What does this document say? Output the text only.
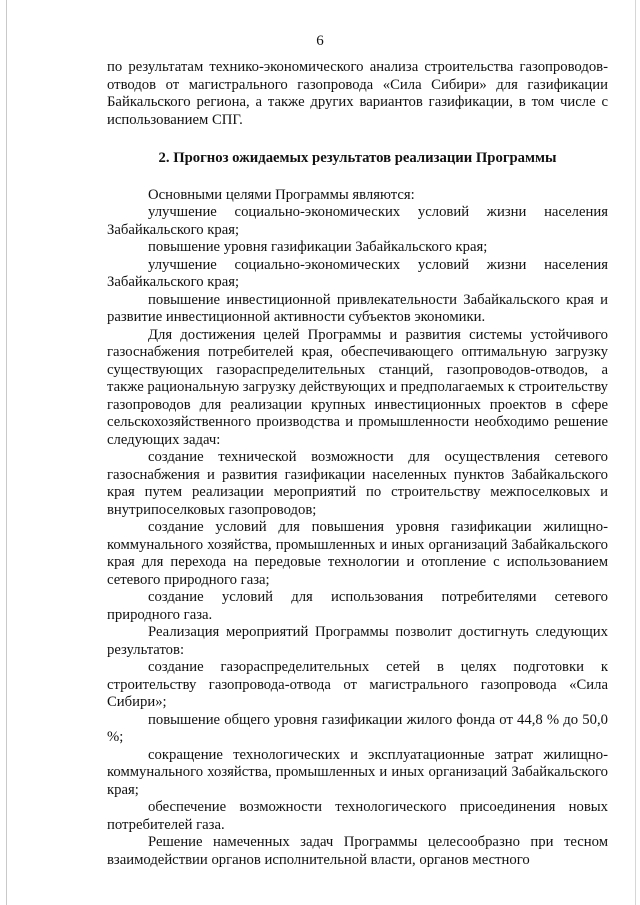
6

по результатам технико-экономического анализа строительства газопроводов-отводов от магистрального газопровода «Сила Сибири» для газификации Байкальского региона, а также других вариантов газификации, в том числе с использованием СПГ.

2. Прогноз ожидаемых результатов реализации Программы

Основными целями Программы являются:

улучшение социально-экономических условий жизни населения Забайкальского края;

повышение уровня газификации Забайкальского края;

улучшение социально-экономических условий жизни населения Забайкальского края;

повышение инвестиционной привлекательности Забайкальского края и развитие инвестиционной активности субъектов экономики.

Для достижения целей Программы и развития системы устойчивого газоснабжения потребителей края, обеспечивающего оптимальную загрузку существующих газораспределительных станций, газопроводов-отводов, а также рациональную загрузку действующих и предполагаемых к строительству газопроводов для реализации крупных инвестиционных проектов в сфере сельскохозяйственного производства и промышленности необходимо решение следующих задач:

создание технической возможности для осуществления сетевого газоснабжения и развития газификации населенных пунктов Забайкальского края путем реализации мероприятий по строительству межпоселковых и внутрипоселковых газопроводов;

создание условий для повышения уровня газификации жилищно-коммунального хозяйства, промышленных и иных организаций Забайкальского края для перехода на передовые технологии и отопление с использованием сетевого природного газа;

создание условий для использования потребителями сетевого природного газа.

Реализация мероприятий Программы позволит достигнуть следующих результатов:

создание газораспределительных сетей в целях подготовки к строительству газопровода-отвода от магистрального газопровода «Сила Сибири»;

повышение общего уровня газификации жилого фонда от 44,8 % до 50,0 %;

сокращение технологических и эксплуатационные затрат жилищно-коммунального хозяйства, промышленных и иных организаций Забайкальского края;

обеспечение возможности технологического присоединения новых потребителей газа.

Решение намеченных задач Программы целесообразно при тесном взаимодействии органов исполнительной власти, органов местного
